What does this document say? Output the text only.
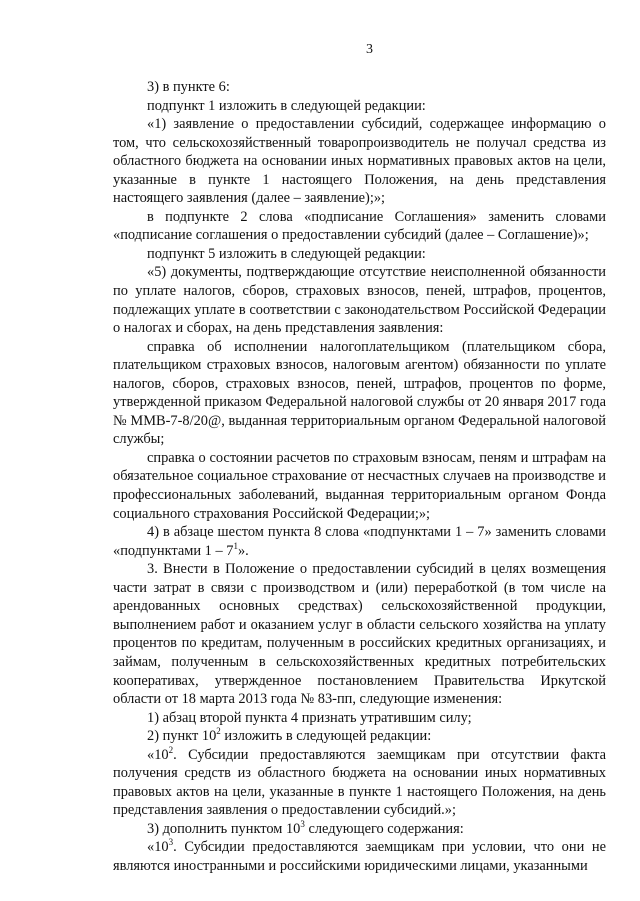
3

3) в пункте 6:

подпункт 1 изложить в следующей редакции:

«1) заявление о предоставлении субсидий, содержащее информацию о том, что сельскохозяйственный товаропроизводитель не получал средства из областного бюджета на основании иных нормативных правовых актов на цели, указанные в пункте 1 настоящего Положения, на день представления настоящего заявления (далее – заявление);»;

в подпункте 2 слова «подписание Соглашения» заменить словами «подписание соглашения о предоставлении субсидий (далее – Соглашение)»;

подпункт 5 изложить в следующей редакции:

«5) документы, подтверждающие отсутствие неисполненной обязанности по уплате налогов, сборов, страховых взносов, пеней, штрафов, процентов, подлежащих уплате в соответствии с законодательством Российской Федерации о налогах и сборах, на день представления заявления:

справка об исполнении налогоплательщиком (плательщиком сбора, плательщиком страховых взносов, налоговым агентом) обязанности по уплате налогов, сборов, страховых взносов, пеней, штрафов, процентов по форме, утвержденной приказом Федеральной налоговой службы от 20 января 2017 года № ММВ-7-8/20@, выданная территориальным органом Федеральной налоговой службы;

справка о состоянии расчетов по страховым взносам, пеням и штрафам на обязательное социальное страхование от несчастных случаев на производстве и профессиональных заболеваний, выданная территориальным органом Фонда социального страхования Российской Федерации;»;

4) в абзаце шестом пункта 8 слова «подпунктами 1 – 7» заменить словами «подпунктами $1 - 7^1$».

3. Внести в Положение о предоставлении субсидий в целях возмещения части затрат в связи с производством и (или) переработкой (в том числе на арендованных основных средствах) сельскохозяйственной продукции, выполнением работ и оказанием услуг в области сельского хозяйства на уплату процентов по кредитам, полученным в российских кредитных организациях, и займам, полученным в сельскохозяйственных кредитных потребительских кооперативах, утвержденное постановлением Правительства Иркутской области от 18 марта 2013 года № 83-пп, следующие изменения:

1) абзац второй пункта 4 признать утратившим силу;

2) пункт $10^2$ изложить в следующей редакции:

«$10^2$. Субсидии предоставляются заемщикам при отсутствии факта получения средств из областного бюджета на основании иных нормативных правовых актов на цели, указанные в пункте 1 настоящего Положения, на день представления заявления о предоставлении субсидий.»;

3) дополнить пунктом $10^3$ следующего содержания:

«$10^3$. Субсидии предоставляются заемщикам при условии, что они не являются иностранными и российскими юридическими лицами, указанными
